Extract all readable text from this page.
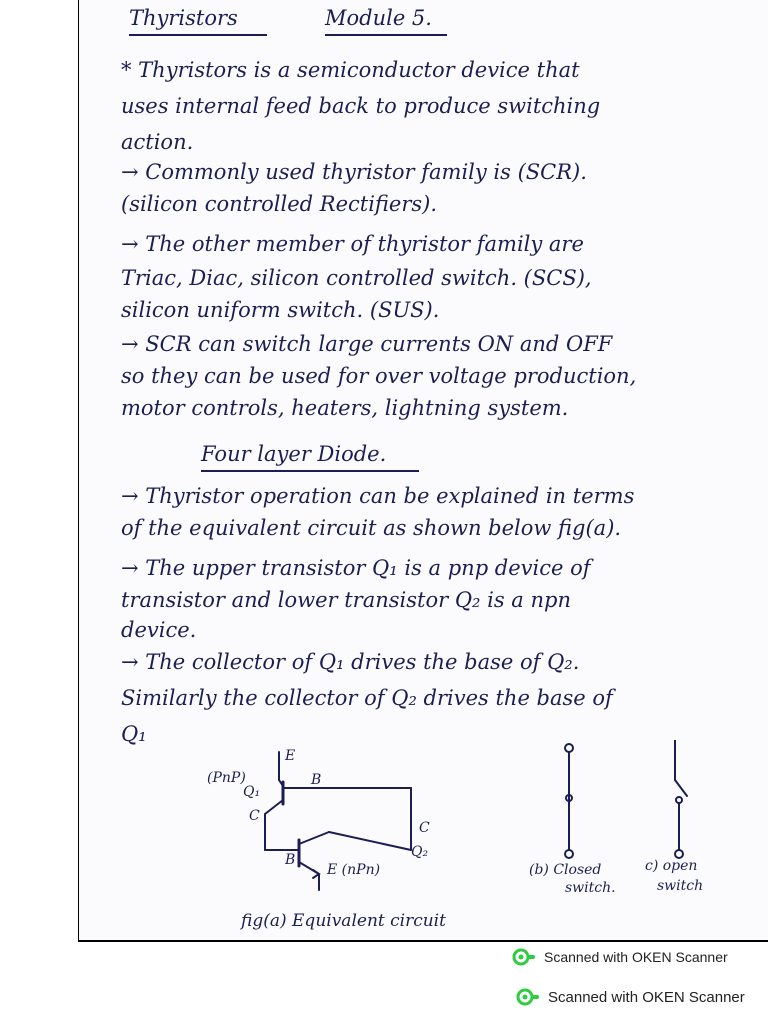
Thyristors	Module 5.
* Thyristors is a semiconductor device that
uses internal feed back to produce switching
action.
→ Commonly used thyristor family is (SCR).
(silicon controlled Rectifiers).
→ The other member of thyristor family are
Triac, Diac, silicon controlled switch. (SCS),
silicon uniform switch. (SUS).
→ SCR can switch large currents ON and OFF
so they can be used for over voltage production,
motor controls, heaters, lightning system.
Four layer Diode.
→ Thyristor operation can be explained in terms
of the equivalent circuit as shown below fig(a).
→ The upper transistor Q₁ is a pnp device of
transistor and lower transistor Q₂ is a npn
device.
→ The collector of Q₁ drives the base of Q₂.
Similarly the collector of Q₂ drives the base of
Q₁
(PnP)
Q₁
E
B
C
C
Q₂
B
E (nPn)	(b) Closed
switch.
c) open
switch
fig(a) Equivalent circuit
Scanned with OKEN Scanner
Scanned with OKEN Scanner
